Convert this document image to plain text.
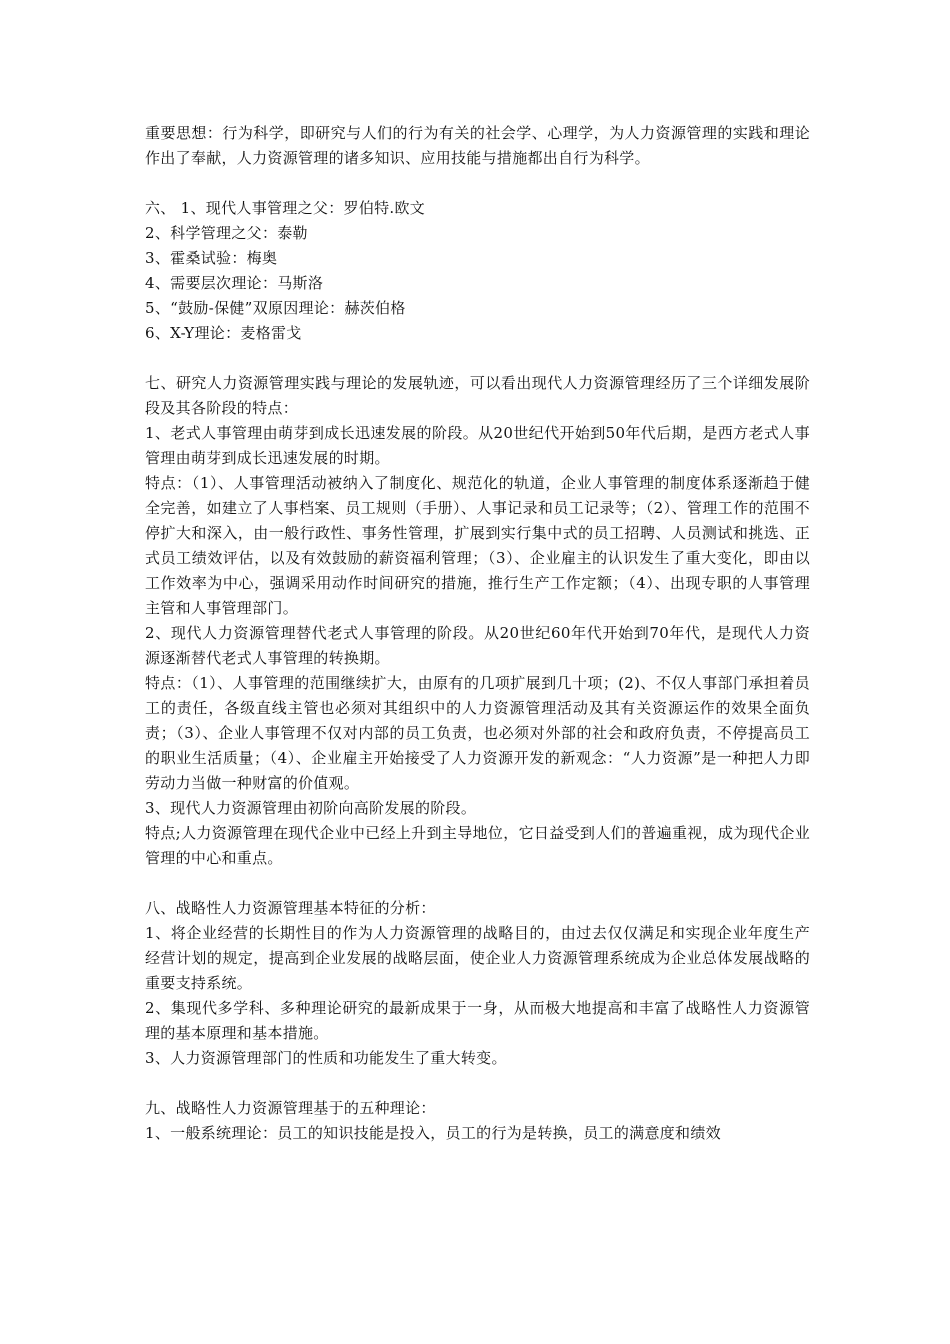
重要思想：行为科学，即研究与人们的行为有关的社会学、心理学，为人力资源管理的实践和理论作出了奉献，人力资源管理的诸多知识、应用技能与措施都出自行为科学。

六、 1、现代人事管理之父：罗伯特.欧文

2、科学管理之父：泰勒

3、霍桑试验：梅奥

4、需要层次理论：马斯洛

5、“鼓励-保健”双原因理论：赫茨伯格

6、X-Y理论：麦格雷戈

七、研究人力资源管理实践与理论的发展轨迹，可以看出现代人力资源管理经历了三个详细发展阶段及其各阶段的特点：

1、老式人事管理由萌芽到成长迅速发展的阶段。从20世纪代开始到50年代后期，是西方老式人事管理由萌芽到成长迅速发展的时期。

特点：（1）、人事管理活动被纳入了制度化、规范化的轨道，企业人事管理的制度体系逐渐趋于健全完善，如建立了人事档案、员工规则（手册）、人事记录和员工记录等；（2）、管理工作的范围不停扩大和深入，由一般行政性、事务性管理，扩展到实行集中式的员工招聘、人员测试和挑选、正式员工绩效评估，以及有效鼓励的薪资福利管理；（3）、企业雇主的认识发生了重大变化，即由以工作效率为中心，强调采用动作时间研究的措施，推行生产工作定额；（4）、出现专职的人事管理主管和人事管理部门。

2、现代人力资源管理替代老式人事管理的阶段。从20世纪60年代开始到70年代，是现代人力资源逐渐替代老式人事管理的转换期。

特点：（1）、人事管理的范围继续扩大，由原有的几项扩展到几十项；(2)、不仅人事部门承担着员工的责任，各级直线主管也必须对其组织中的人力资源管理活动及其有关资源运作的效果全面负责；（3）、企业人事管理不仅对内部的员工负责，也必须对外部的社会和政府负责，不停提高员工的职业生活质量；（4）、企业雇主开始接受了人力资源开发的新观念：“人力资源”是一种把人力即劳动力当做一种财富的价值观。

3、现代人力资源管理由初阶向高阶发展的阶段。

特点;人力资源管理在现代企业中已经上升到主导地位，它日益受到人们的普遍重视，成为现代企业管理的中心和重点。

八、战略性人力资源管理基本特征的分析：

1、将企业经营的长期性目的作为人力资源管理的战略目的，由过去仅仅满足和实现企业年度生产经营计划的规定，提高到企业发展的战略层面，使企业人力资源管理系统成为企业总体发展战略的重要支持系统。

2、集现代多学科、多种理论研究的最新成果于一身，从而极大地提高和丰富了战略性人力资源管理的基本原理和基本措施。

3、人力资源管理部门的性质和功能发生了重大转变。

九、战略性人力资源管理基于的五种理论：

1、一般系统理论：员工的知识技能是投入，员工的行为是转换，员工的满意度和绩效
